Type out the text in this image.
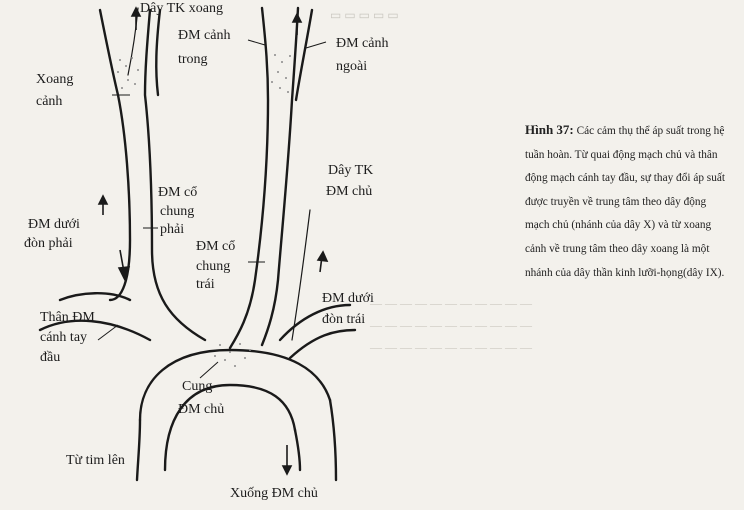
▭ ▭ ▭ ▭ ▭
— — — — — — — — — — —
— — — — — — — — — — —
— — — — — — — — — — —
Dây TK xoang
ĐM cảnh
trong
ĐM cảnh
ngoài
Xoang
cảnh
ĐM cổ
chung
phải
Dây TK
ĐM chủ
ĐM dưới
đòn phải	ĐM cổ
chung
trái
ĐM dưới
đòn trái
Thân ĐM
cánh tay
đầu
Cung
ĐM chủ
Từ tim lên
Xuống ĐM chủ
Hình 37: Các cảm thụ thể áp suất trong hệ tuần hoàn. Từ quai động mạch chủ và thân động mạch cánh tay đầu, sự thay đổi áp suất được truyền về trung tâm theo dây động mạch chủ (nhánh của dây X) và từ xoang cảnh về trung tâm theo dây xoang là một nhánh của dây thần kinh lưỡi-họng(dây IX).
